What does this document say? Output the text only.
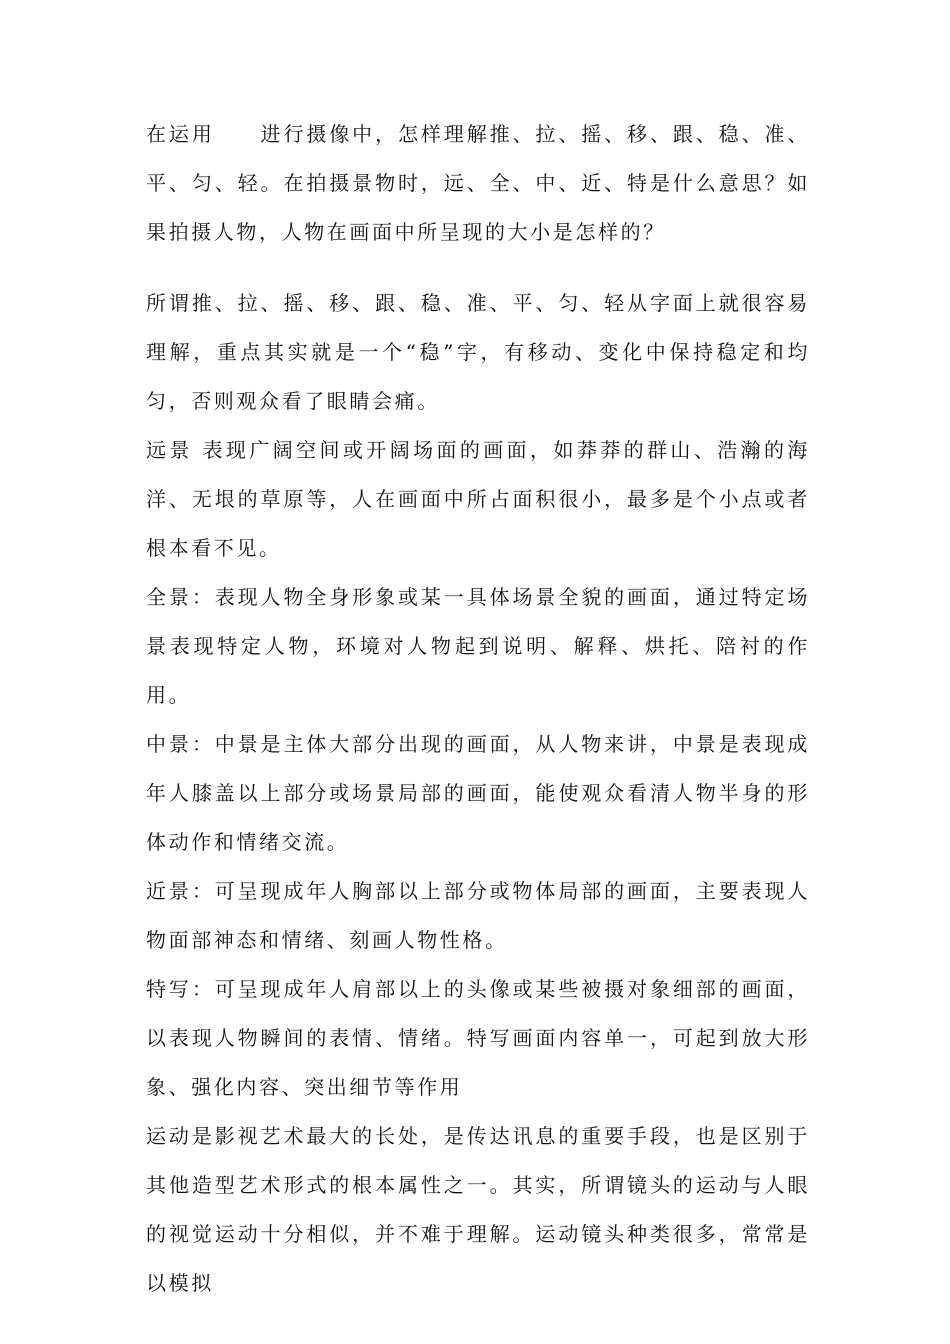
在运用　　进行摄像中，怎样理解推、拉、摇、移、跟、稳、准、平、匀、轻。在拍摄景物时，远、全、中、近、特是什么意思？如果拍摄人物，人物在画面中所呈现的大小是怎样的？

所谓推、拉、摇、移、跟、稳、准、平、匀、轻从字面上就很容易理解，重点其实就是一个“稳”字，有移动、变化中保持稳定和均匀，否则观众看了眼睛会痛。

远景 表现广阔空间或开阔场面的画面，如莽莽的群山、浩瀚的海洋、无垠的草原等，人在画面中所占面积很小，最多是个小点或者根本看不见。

全景：表现人物全身形象或某一具体场景全貌的画面，通过特定场景表现特定人物，环境对人物起到说明、解释、烘托、陪衬的作用。

中景：中景是主体大部分出现的画面，从人物来讲，中景是表现成年人膝盖以上部分或场景局部的画面，能使观众看清人物半身的形体动作和情绪交流。

近景：可呈现成年人胸部以上部分或物体局部的画面，主要表现人物面部神态和情绪、刻画人物性格。

特写：可呈现成年人肩部以上的头像或某些被摄对象细部的画面，以表现人物瞬间的表情、情绪。特写画面内容单一，可起到放大形象、强化内容、突出细节等作用

运动是影视艺术最大的长处，是传达讯息的重要手段，也是区别于其他造型艺术形式的根本属性之一。其实，所谓镜头的运动与人眼的视觉运动十分相似，并不难于理解。运动镜头种类很多，常常是以模拟
